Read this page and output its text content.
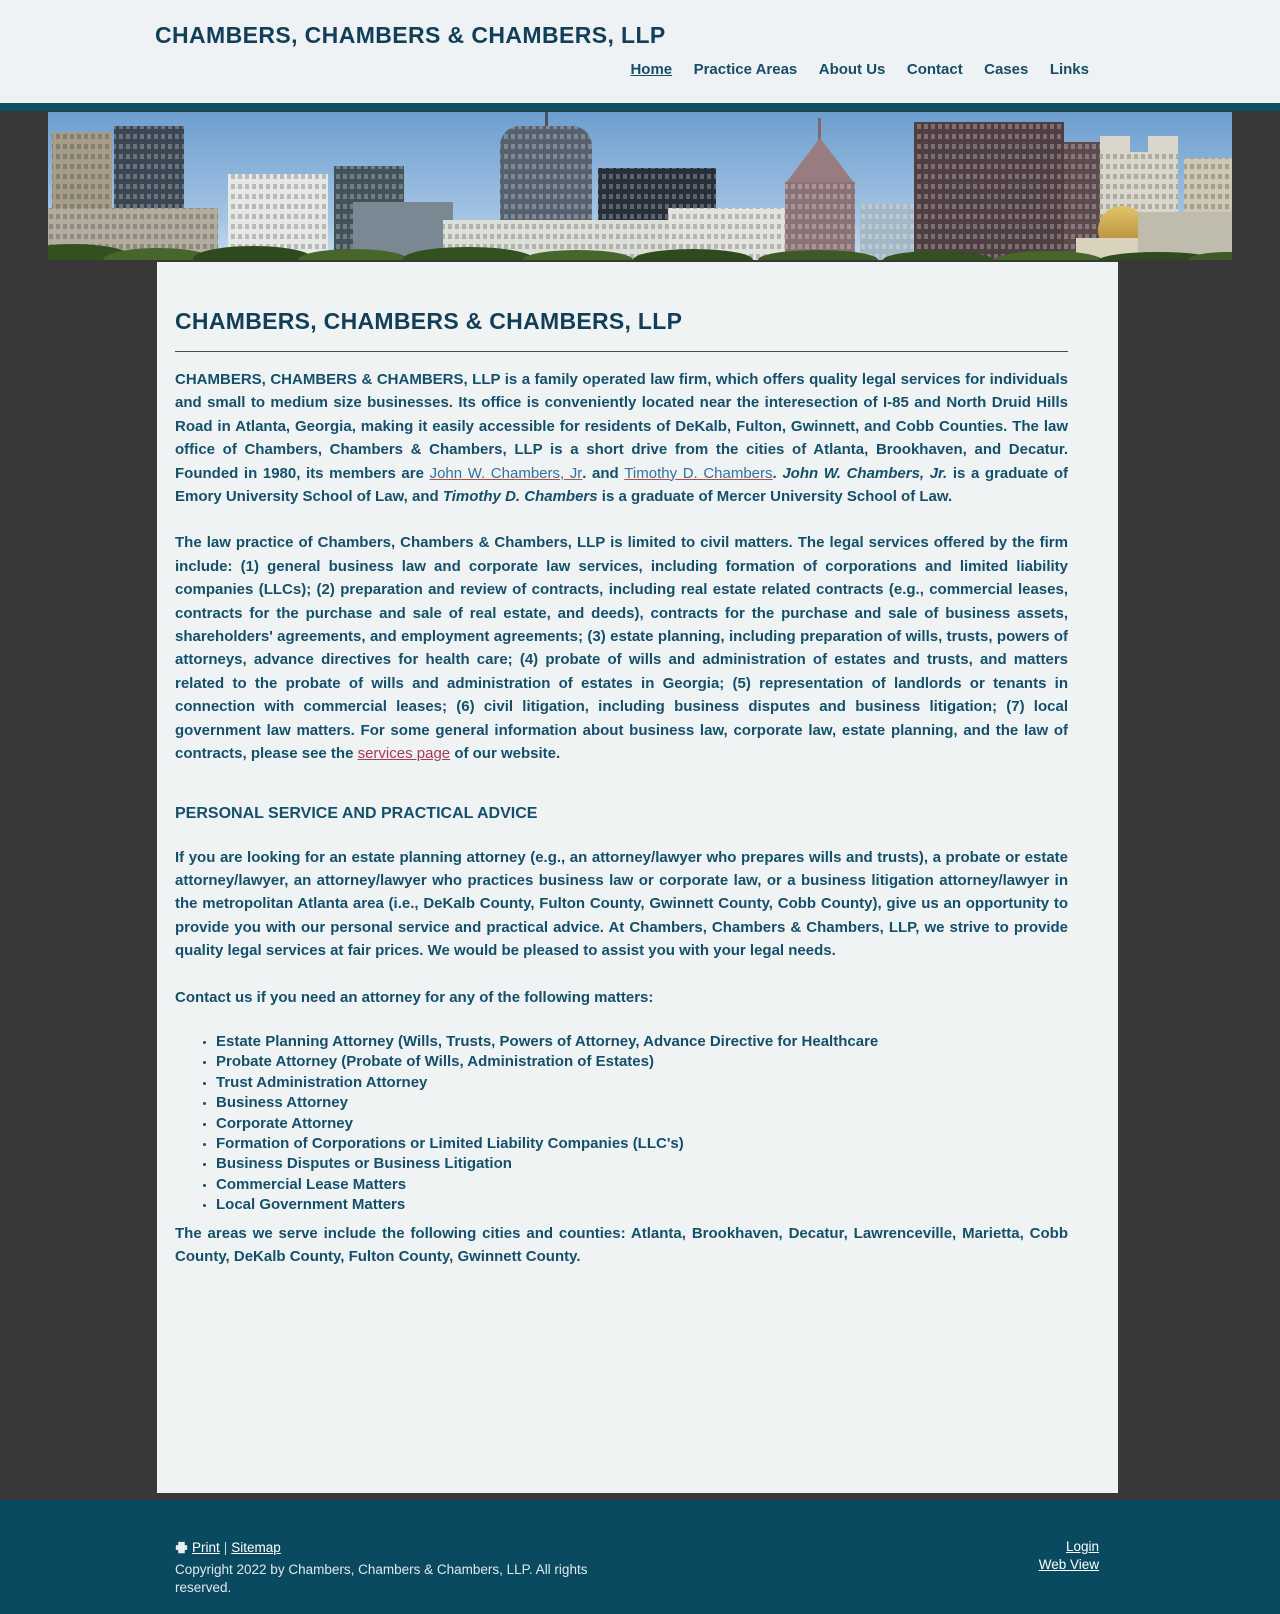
CHAMBERS, CHAMBERS & CHAMBERS, LLP
Home Practice Areas About Us Contact Cases Links
CHAMBERS, CHAMBERS & CHAMBERS, LLP

CHAMBERS, CHAMBERS & CHAMBERS, LLP is a family operated law firm, which offers quality legal services for individuals and small to medium size businesses. Its office is conveniently located near the interesection of I-85 and North Druid Hills Road in Atlanta, Georgia, making it easily accessible for residents of DeKalb, Fulton, Gwinnett, and Cobb Counties. The law office of Chambers, Chambers & Chambers, LLP is a short drive from the cities of Atlanta, Brookhaven, and Decatur. Founded in 1980, its members are John W. Chambers, Jr. and Timothy D. Chambers. John W. Chambers, Jr. is a graduate of Emory University School of Law, and Timothy D. Chambers is a graduate of Mercer University School of Law.

The law practice of Chambers, Chambers & Chambers, LLP is limited to civil matters. The legal services offered by the firm include: (1) general business law and corporate law services, including formation of corporations and limited liability companies (LLCs); (2) preparation and review of contracts, including real estate related contracts (e.g., commercial leases, contracts for the purchase and sale of real estate, and deeds), contracts for the purchase and sale of business assets, shareholders' agreements, and employment agreements; (3) estate planning, including preparation of wills, trusts, powers of attorneys, advance directives for health care; (4) probate of wills and administration of estates and trusts, and matters related to the probate of wills and administration of estates in Georgia; (5) representation of landlords or tenants in connection with commercial leases; (6) civil litigation, including business disputes and business litigation; (7) local government law matters. For some general information about business law, corporate law, estate planning, and the law of contracts, please see the services page of our website.

PERSONAL SERVICE AND PRACTICAL ADVICE

If you are looking for an estate planning attorney (e.g., an attorney/lawyer who prepares wills and trusts), a probate or estate attorney/lawyer, an attorney/lawyer who practices business law or corporate law, or a business litigation attorney/lawyer in the metropolitan Atlanta area (i.e., DeKalb County, Fulton County, Gwinnett County, Cobb County), give us an opportunity to provide you with our personal service and practical advice. At Chambers, Chambers & Chambers, LLP, we strive to provide quality legal services at fair prices. We would be pleased to assist you with your legal needs.

Contact us if you need an attorney for any of the following matters:

• Estate Planning Attorney (Wills, Trusts, Powers of Attorney, Advance Directive for Healthcare
• Probate Attorney (Probate of Wills, Administration of Estates)
• Trust Administration Attorney
• Business Attorney
• Corporate Attorney
• Formation of Corporations or Limited Liability Companies (LLC's)
• Business Disputes or Business Litigation
• Commercial Lease Matters
• Local Government Matters

The areas we serve include the following cities and counties: Atlanta, Brookhaven, Decatur, Lawrenceville, Marietta, Cobb County, DeKalb County, Fulton County, Gwinnett County.

Print | Sitemap
Copyright 2022 by Chambers, Chambers & Chambers, LLP. All rights reserved.
Login
Web View
